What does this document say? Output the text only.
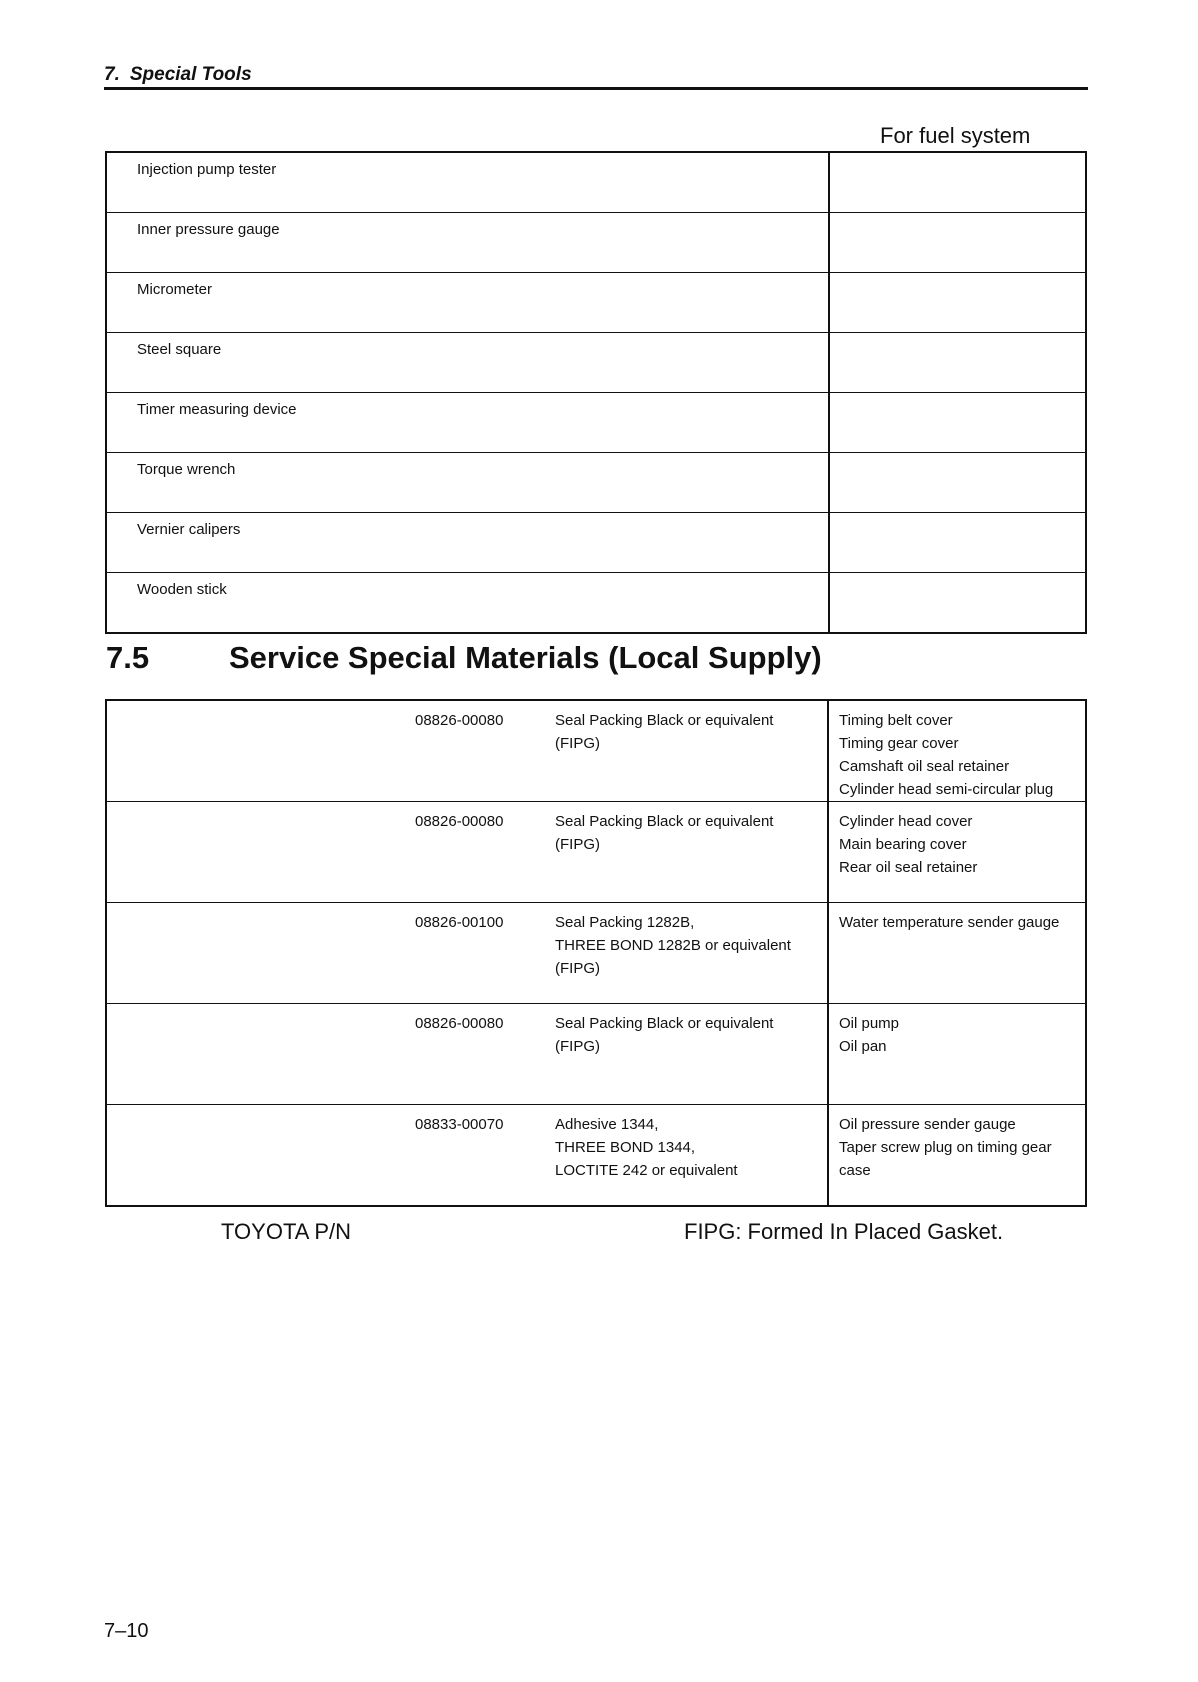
7. Special Tools
For fuel system
Injection pump tester	
Inner pressure gauge	
Micrometer	
Steel square	
Timer measuring device	
Torque wrench	
Vernier calipers	
Wooden stick	
7.5	Service Special Materials (Local Supply)
	08826-00080	Seal Packing Black or equivalent
(FIPG)	Timing belt cover
Timing gear cover
Camshaft oil seal retainer
Cylinder head semi-circular plug

	08826-00080	Seal Packing Black or equivalent
(FIPG)	Cylinder head cover
Main bearing cover
Rear oil seal retainer

	08826-00100	Seal Packing 1282B,
THREE BOND 1282B or equivalent
(FIPG)	Water temperature sender gauge

	08826-00080	Seal Packing Black or equivalent
(FIPG)	Oil pump
Oil pan

	08833-00070	Adhesive 1344,
THREE BOND 1344,
LOCTITE 242 or equivalent	Oil pressure sender gauge
Taper screw plug on timing gear
case
TOYOTA P/N	FIPG: Formed In Placed Gasket.
7–10
